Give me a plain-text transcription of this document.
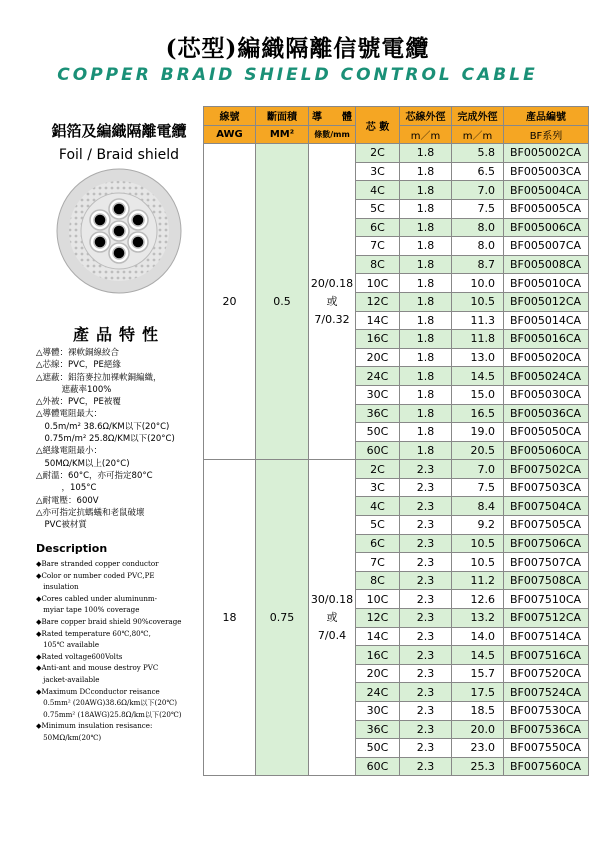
(芯型)編織隔離信號電纜
COPPER BRAID SHIELD CONTROL CABLE
鋁箔及編織隔離電纜
Foil / Braid shield
產品特性
△導體：裸軟銅線絞合
△芯線：PVC，PE絕緣
△遮蔽：鋁箔麥拉加裸軟銅編織，
　　　遮蔽率100%
△外被：PVC，PE被覆
△導體電阻最大：
　0.5m/m² 38.6Ω/KM以下(20°C)
　0.75m/m² 25.8Ω/KM以下(20°C)
△絕緣電阻最小：
　50MΩ/KM以上(20°C)
△耐溫：60°C，亦可指定80°C
　　　，105°C
△耐電壓：600V
△亦可指定抗螞蟻和老鼠破壞
　PVC被材質
Description
◆Bare stranded copper conductor
◆Color or number coded PVC,PE
　insulation
◆Cores cabled under aluminunm-
　myiar tape 100% coverage
◆Bare copper braid shield 90%coverage
◆Rated temperature 60℃,80℃,
　105℃ available
◆Rated voltage600Volts
◆Anti-ant and mouse destroy PVC
　jacket-available
◆Maximum DCconductor reisance
　0.5mm² (20AWG)38.6Ω/km以下(20℃)
　0.75mm² (18AWG)25.8Ω/km以下(20℃)
◆Minimum insulation resisance:
　50MΩ/km(20℃)
線號	斷面積	導　　體	芯 數	芯線外徑	完成外徑	產品編號
AWG	MM²	條數/mm		m／m	m／m	BF系列
20	0.5	20/0.18
或
7/0.32	2C	1.8	5.8	BF005002CA
			3C	1.8	6.5	BF005003CA
			4C	1.8	7.0	BF005004CA
			5C	1.8	7.5	BF005005CA
			6C	1.8	8.0	BF005006CA
			7C	1.8	8.0	BF005007CA
			8C	1.8	8.7	BF005008CA
			10C	1.8	10.0	BF005010CA
			12C	1.8	10.5	BF005012CA
			14C	1.8	11.3	BF005014CA
			16C	1.8	11.8	BF005016CA
			20C	1.8	13.0	BF005020CA
			24C	1.8	14.5	BF005024CA
			30C	1.8	15.0	BF005030CA
			36C	1.8	16.5	BF005036CA
			50C	1.8	19.0	BF005050CA
			60C	1.8	20.5	BF005060CA
18	0.75	30/0.18
或
7/0.4	2C	2.3	7.0	BF007502CA
			3C	2.3	7.5	BF007503CA
			4C	2.3	8.4	BF007504CA
			5C	2.3	9.2	BF007505CA
			6C	2.3	10.5	BF007506CA
			7C	2.3	10.5	BF007507CA
			8C	2.3	11.2	BF007508CA
			10C	2.3	12.6	BF007510CA
			12C	2.3	13.2	BF007512CA
			14C	2.3	14.0	BF007514CA
			16C	2.3	14.5	BF007516CA
			20C	2.3	15.7	BF007520CA
			24C	2.3	17.5	BF007524CA
			30C	2.3	18.5	BF007530CA
			36C	2.3	20.0	BF007536CA
			50C	2.3	23.0	BF007550CA
			60C	2.3	25.3	BF007560CA
